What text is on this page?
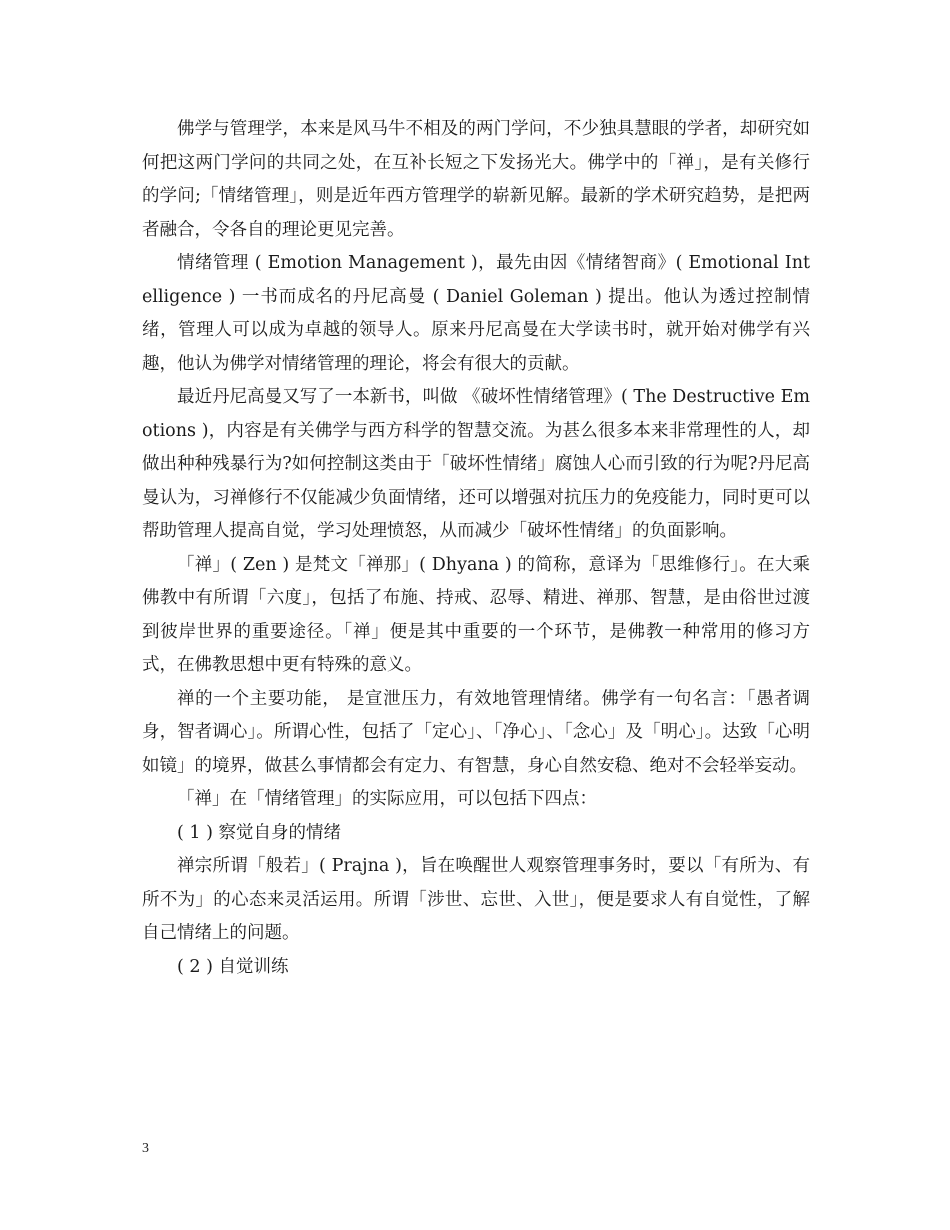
佛学与管理学，本来是风马牛不相及的两门学问，不少独具慧眼的学者，却研究如何把这两门学问的共同之处，在互补长短之下发扬光大。佛学中的「禅」，是有关修行的学问;「情绪管理」，则是近年西方管理学的崭新见解。最新的学术研究趋势，是把两者融合，令各自的理论更见完善。

情绪管理 ( Emotion Management )，最先由因《情绪智商》( Emotional Intelligence ) 一书而成名的丹尼高曼 ( Daniel Goleman ) 提出。他认为透过控制情绪，管理人可以成为卓越的领导人。原来丹尼高曼在大学读书时，就开始对佛学有兴趣，他认为佛学对情绪管理的理论，将会有很大的贡献。

最近丹尼高曼又写了一本新书，叫做 《破坏性情绪管理》( The Destructive Emotions )，内容是有关佛学与西方科学的智慧交流。为甚么很多本来非常理性的人，却做出种种残暴行为?如何控制这类由于「破坏性情绪」腐蚀人心而引致的行为呢?丹尼高曼认为，习禅修行不仅能减少负面情绪，还可以增强对抗压力的免疫能力，同时更可以帮助管理人提高自觉，学习处理愤怒，从而减少「破坏性情绪」的负面影响。

「禅」( Zen ) 是梵文「禅那」( Dhyana ) 的简称，意译为「思维修行」。在大乘佛教中有所谓「六度」，包括了布施、持戒、忍辱、精进、禅那、智慧，是由俗世过渡到彼岸世界的重要途径。「禅」便是其中重要的一个环节，是佛教一种常用的修习方式，在佛教思想中更有特殊的意义。

禅的一个主要功能， 是宣泄压力，有效地管理情绪。佛学有一句名言：「愚者调身，智者调心」。所谓心性，包括了「定心」、「净心」、「念心」及「明心」。达致「心明如镜」的境界，做甚么事情都会有定力、有智慧，身心自然安稳、绝对不会轻举妄动。

「禅」在「情绪管理」的实际应用，可以包括下四点：

( 1 ) 察觉自身的情绪

禅宗所谓「般若」( Prajna )，旨在唤醒世人观察管理事务时，要以「有所为、有所不为」的心态来灵活运用。所谓「涉世、忘世、入世」，便是要求人有自觉性，了解自己情绪上的问题。

( 2 ) 自觉训练

3
